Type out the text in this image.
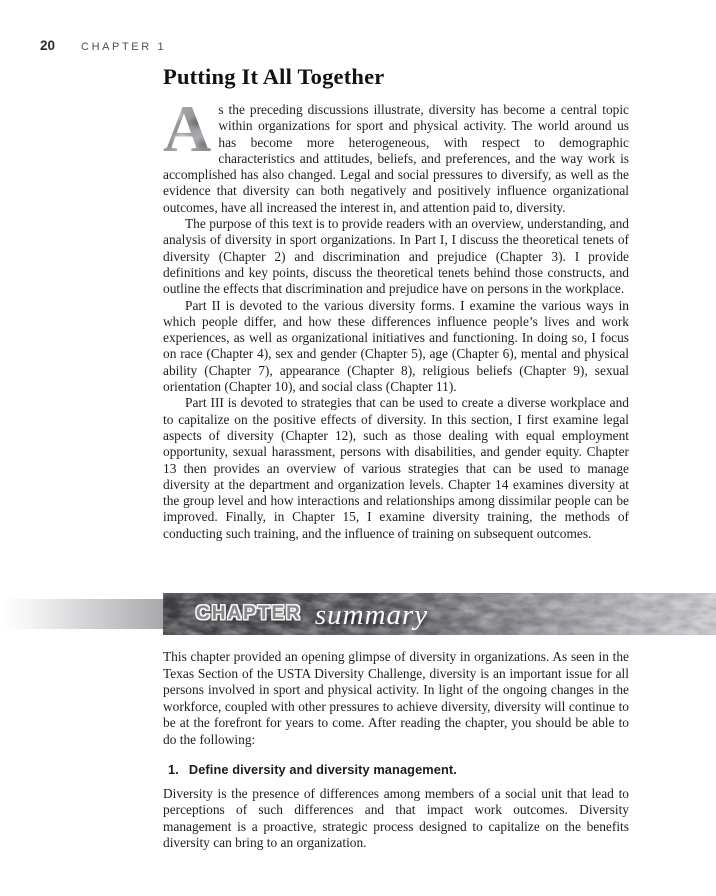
20 CHAPTER 1
Putting It All Together

A s the preceding discussions illustrate, diversity has become a central topic within organizations for sport and physical activity. The world around us has become more heterogeneous, with respect to demographic characteristics and attitudes, beliefs, and preferences, and the way work is accomplished has also changed. Legal and social pressures to diversify, as well as the evidence that diversity can both negatively and positively influence organizational outcomes, have all increased the interest in, and attention paid to, diversity.

The purpose of this text is to provide readers with an overview, understanding, and analysis of diversity in sport organizations. In Part I, I discuss the theoretical tenets of diversity (Chapter 2) and discrimination and prejudice (Chapter 3). I provide definitions and key points, discuss the theoretical tenets behind those constructs, and outline the effects that discrimination and prejudice have on persons in the workplace.

Part II is devoted to the various diversity forms. I examine the various ways in which people differ, and how these differences influence people’s lives and work experiences, as well as organizational initiatives and functioning. In doing so, I focus on race (Chapter 4), sex and gender (Chapter 5), age (Chapter 6), mental and physical ability (Chapter 7), appearance (Chapter 8), religious beliefs (Chapter 9), sexual orientation (Chapter 10), and social class (Chapter 11).

Part III is devoted to strategies that can be used to create a diverse workplace and to capitalize on the positive effects of diversity. In this section, I first examine legal aspects of diversity (Chapter 12), such as those dealing with equal employment opportunity, sexual harassment, persons with disabilities, and gender equity. Chapter 13 then provides an overview of various strategies that can be used to manage diversity at the department and organization levels. Chapter 14 examines diversity at the group level and how interactions and relationships among dissimilar people can be improved. Finally, in Chapter 15, I examine diversity training, the methods of conducting such training, and the influence of training on subsequent outcomes.

CHAPTER summary

This chapter provided an opening glimpse of diversity in organizations. As seen in the Texas Section of the USTA Diversity Challenge, diversity is an important issue for all persons involved in sport and physical activity. In light of the ongoing changes in the workforce, coupled with other pressures to achieve diversity, diversity will continue to be at the forefront for years to come. After reading the chapter, you should be able to do the following:

1. Define diversity and diversity management.

Diversity is the presence of differences among members of a social unit that lead to perceptions of such differences and that impact work outcomes. Diversity management is a proactive, strategic process designed to capitalize on the benefits diversity can bring to an organization.
